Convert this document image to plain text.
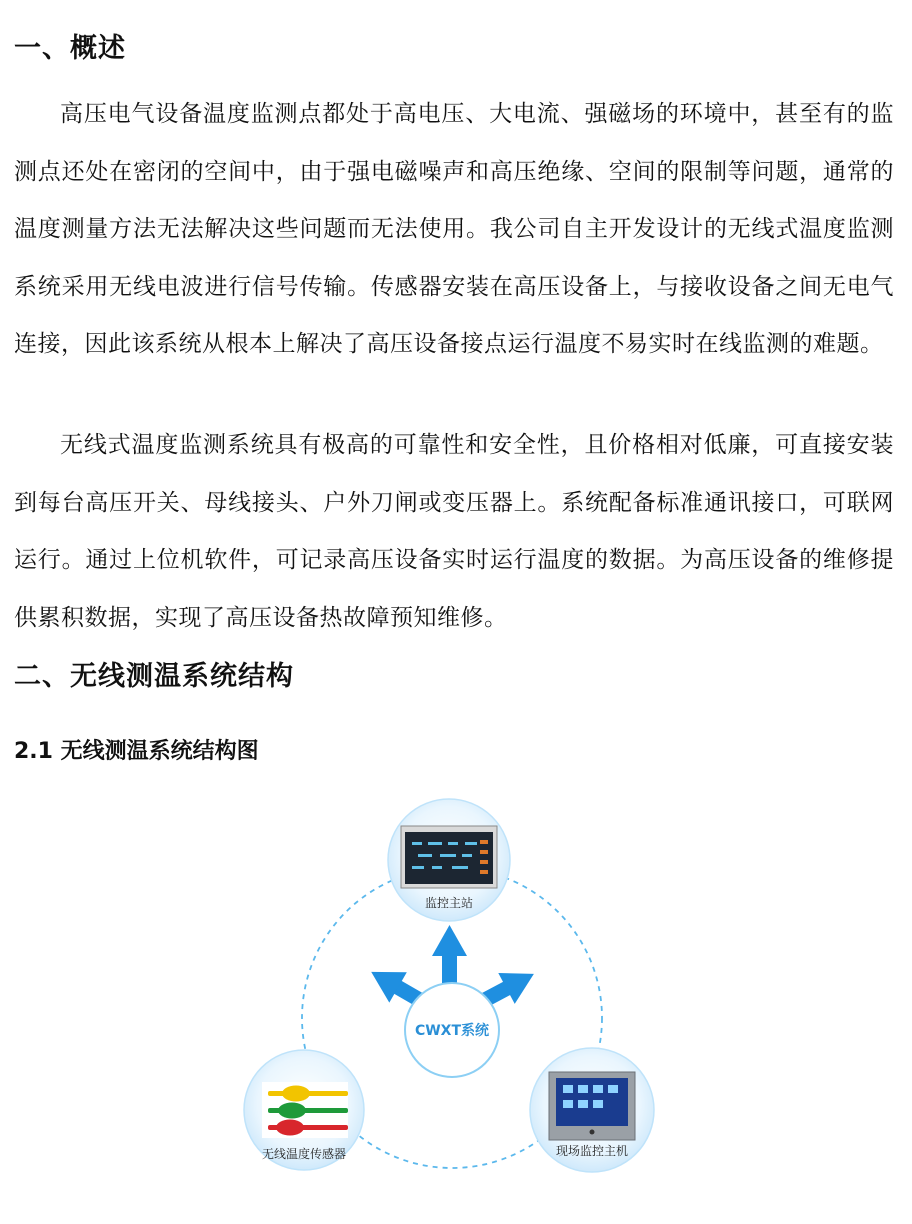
一、概述
高压电气设备温度监测点都处于高电压、大电流、强磁场的环境中，甚至有的监测点还处在密闭的空间中，由于强电磁噪声和高压绝缘、空间的限制等问题，通常的温度测量方法无法解决这些问题而无法使用。我公司自主开发设计的无线式温度监测系统采用无线电波进行信号传输。传感器安装在高压设备上，与接收设备之间无电气连接，因此该系统从根本上解决了高压设备接点运行温度不易实时在线监测的难题。
无线式温度监测系统具有极高的可靠性和安全性，且价格相对低廉，可直接安装到每台高压开关、母线接头、户外刀闸或变压器上。系统配备标准通讯接口，可联网运行。通过上位机软件，可记录高压设备实时运行温度的数据。为高压设备的维修提供累积数据，实现了高压设备热故障预知维修。
二、无线测温系统结构
2.1 无线测温系统结构图
CWXT系统
监控主站
无线温度传感器	现场监控主机
